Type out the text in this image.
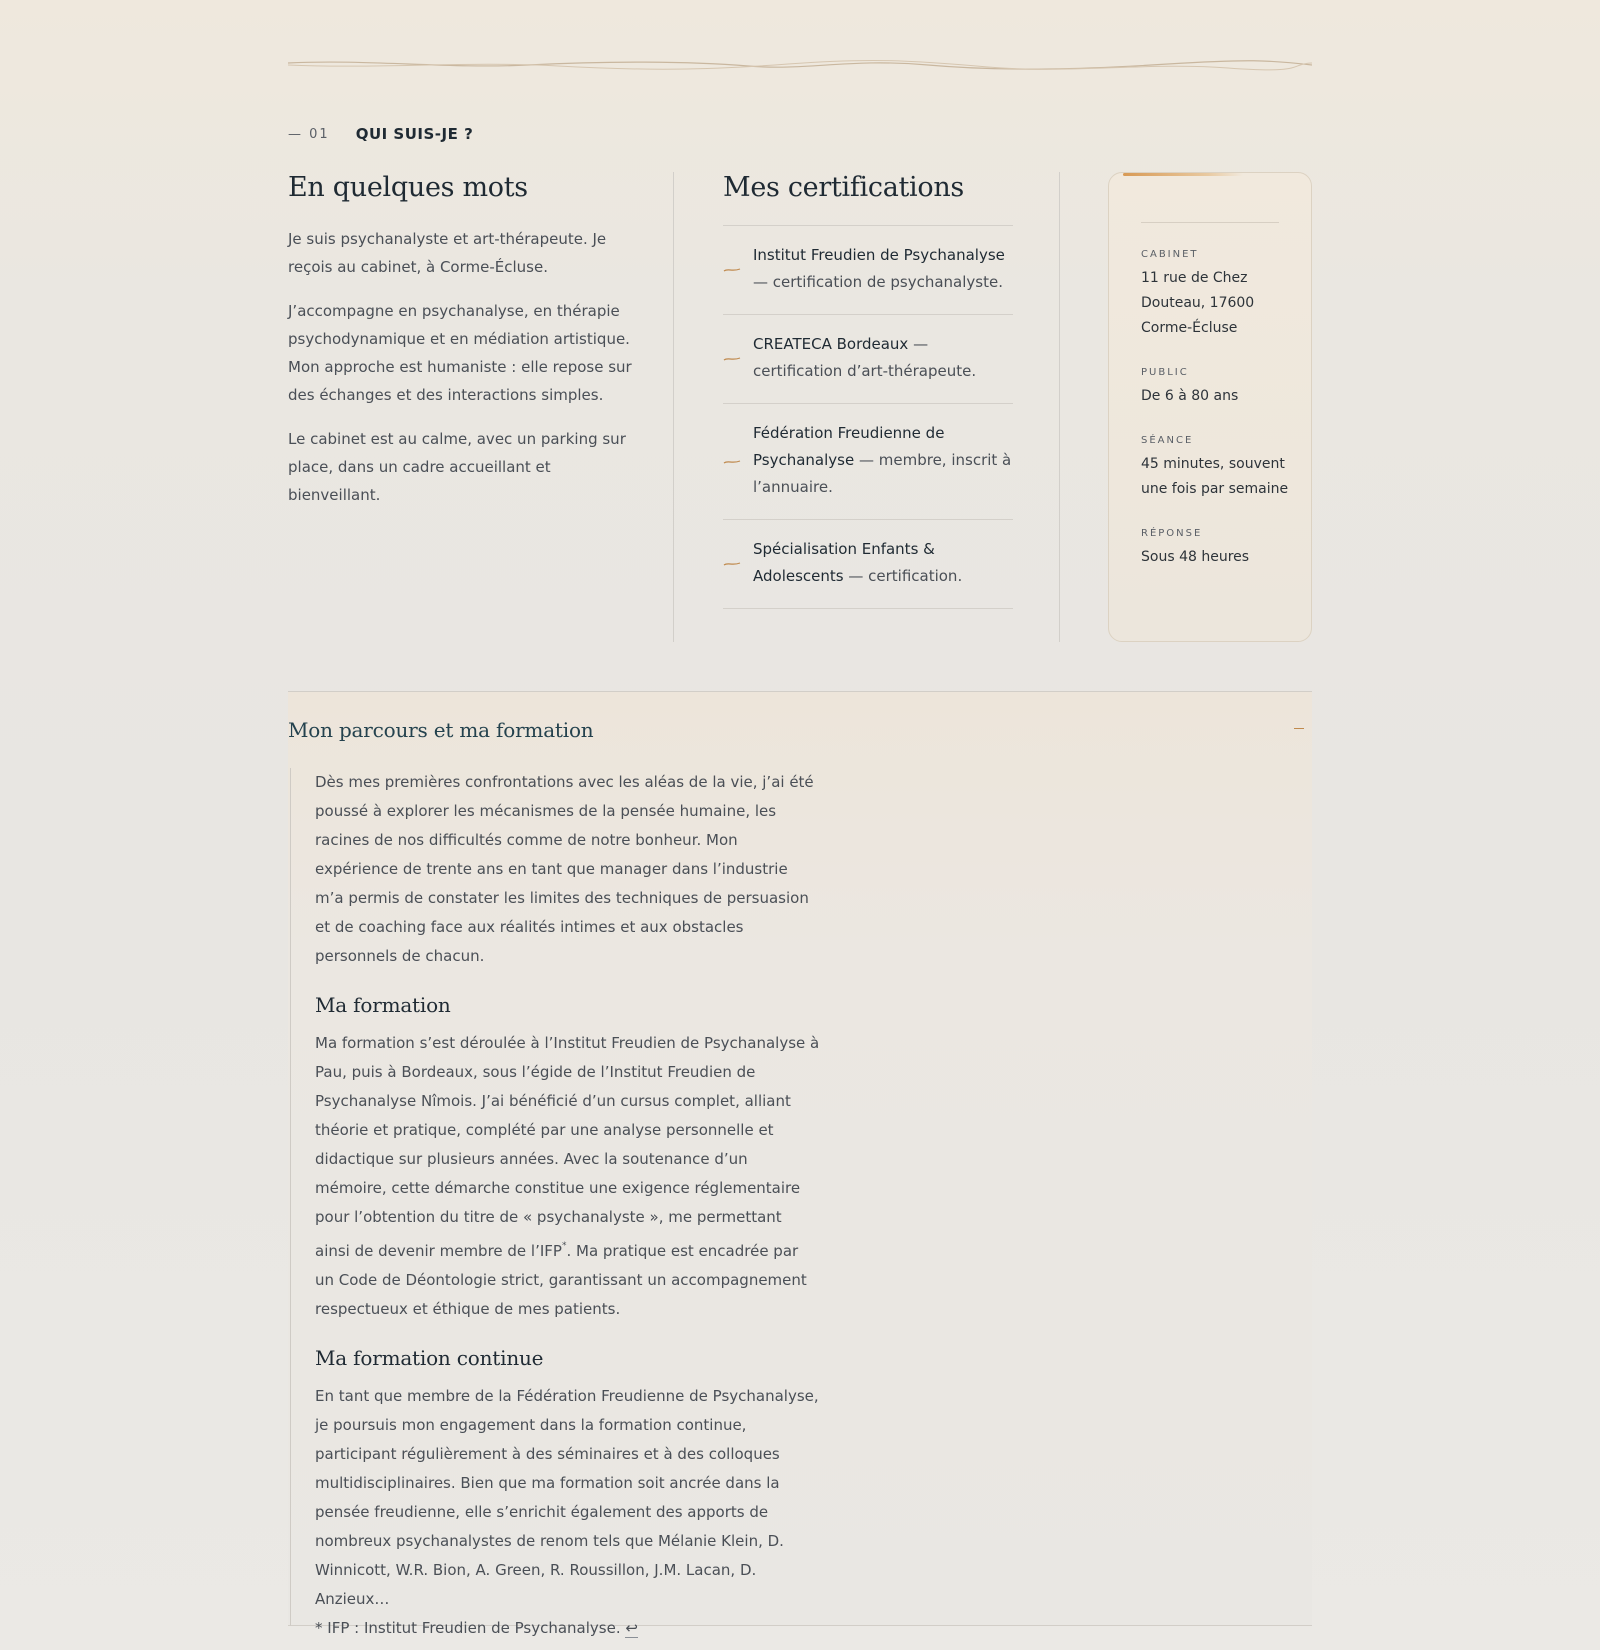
— 01 QUI SUIS-JE ?
En quelques mots

Je suis psychanalyste et art-thérapeute. Je reçois au cabinet, à Corme-Écluse.

J’accompagne en psychanalyse, en thérapie psychodynamique et en médiation artistique. Mon approche est humaniste : elle repose sur des échanges et des interactions simples.

Le cabinet est au calme, avec un parking sur place, dans un cadre accueillant et bienveillant.

Mes certifications
Institut Freudien de Psychanalyse — certification de psychanalyste.
CREATECA Bordeaux — certification d’art-thérapeute.
Fédération Freudienne de Psychanalyse — membre, inscrit à l’annuaire.
Spécialisation Enfants & Adolescents — certification.
CABINET
11 rue de Chez Douteau, 17600 Corme-Écluse
PUBLIC
De 6 à 80 ans
SÉANCE
45 minutes, souvent une fois par semaine
RÉPONSE
Sous 48 heures
Mon parcours et ma formation

Dès mes premières confrontations avec les aléas de la vie, j’ai été poussé à explorer les mécanismes de la pensée humaine, les racines de nos difficultés comme de notre bonheur. Mon expérience de trente ans en tant que manager dans l’industrie m’a permis de constater les limites des techniques de persuasion et de coaching face aux réalités intimes et aux obstacles personnels de chacun.

Ma formation

Ma formation s’est déroulée à l’Institut Freudien de Psychanalyse à Pau, puis à Bordeaux, sous l’égide de l’Institut Freudien de Psychanalyse Nîmois. J’ai bénéficié d’un cursus complet, alliant théorie et pratique, complété par une analyse personnelle et didactique sur plusieurs années. Avec la soutenance d’un mémoire, cette démarche constitue une exigence réglementaire pour l’obtention du titre de « psychanalyste », me permettant ainsi de devenir membre de l’IFP*. Ma pratique est encadrée par un Code de Déontologie strict, garantissant un accompagnement respectueux et éthique de mes patients.

Ma formation continue

En tant que membre de la Fédération Freudienne de Psychanalyse, je poursuis mon engagement dans la formation continue, participant régulièrement à des séminaires et à des colloques multidisciplinaires. Bien que ma formation soit ancrée dans la pensée freudienne, elle s’enrichit également des apports de nombreux psychanalystes de renom tels que Mélanie Klein, D. Winnicott, W.R. Bion, A. Green, R. Roussillon, J.M. Lacan, D. Anzieux…

* IFP : Institut Freudien de Psychanalyse. ↩
